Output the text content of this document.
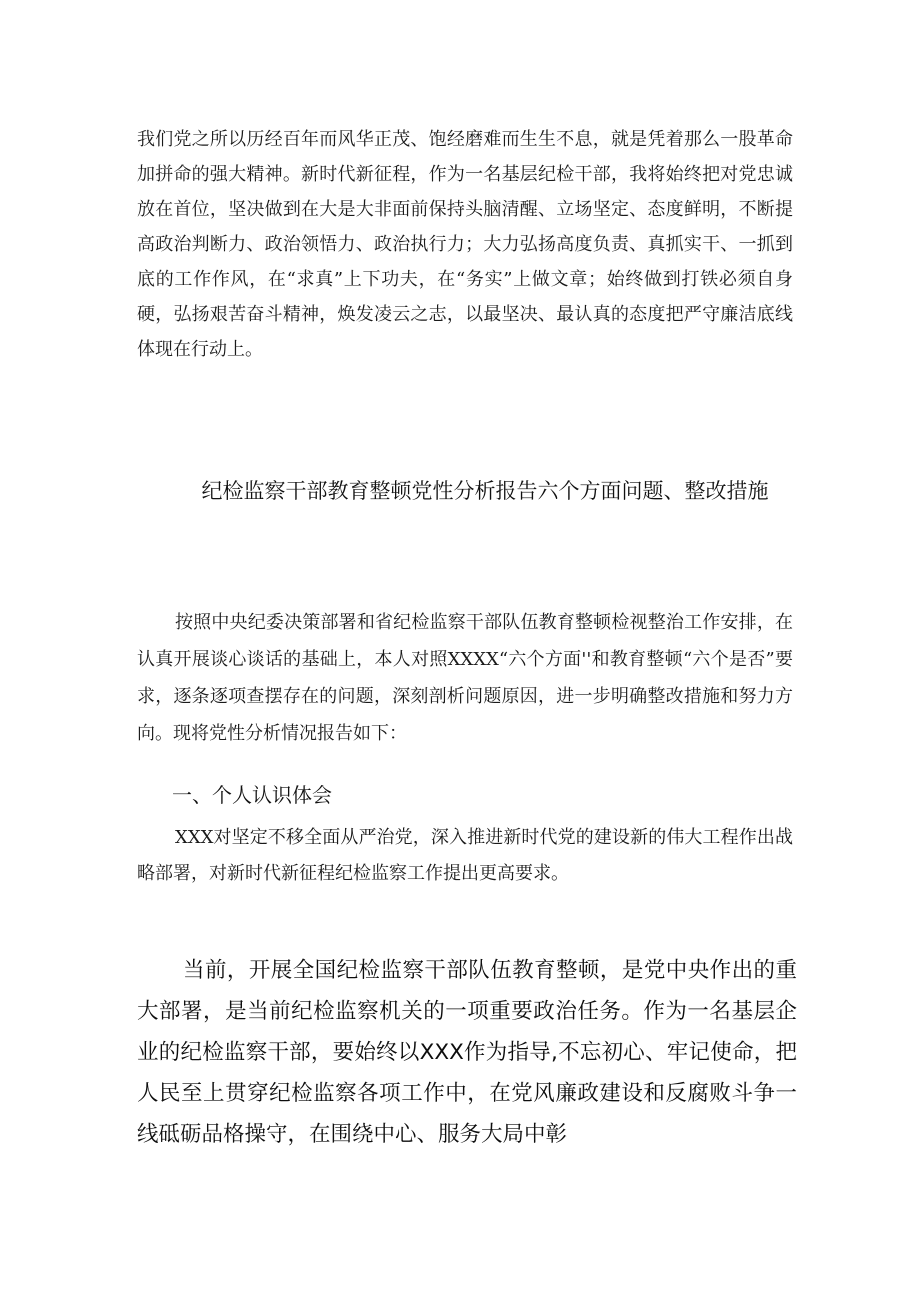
我们党之所以历经百年而风华正茂、饱经磨难而生生不息，就是凭着那么一股革命加拼命的强大精神。新时代新征程，作为一名基层纪检干部，我将始终把对党忠诚放在首位，坚决做到在大是大非面前保持头脑清醒、立场坚定、态度鲜明，不断提高政治判断力、政治领悟力、政治执行力；大力弘扬高度负责、真抓实干、一抓到底的工作作风，在“求真”上下功夫，在“务实”上做文章；始终做到打铁必须自身硬，弘扬艰苦奋斗精神，焕发凌云之志，以最坚决、最认真的态度把严守廉洁底线体现在行动上。

纪检监察干部教育整顿党性分析报告六个方面问题、整改措施

按照中央纪委决策部署和省纪检监察干部队伍教育整顿检视整治工作安排，在认真开展谈心谈话的基础上，本人对照XXXX“六个方面''和教育整顿“六个是否”要求，逐条逐项查摆存在的问题，深刻剖析问题原因，进一步明确整改措施和努力方向。现将党性分析情况报告如下：

一、个人认识体会

XXX对坚定不移全面从严治党，深入推进新时代党的建设新的伟大工程作出战略部署，对新时代新征程纪检监察工作提出更高要求。

当前，开展全国纪检监察干部队伍教育整顿，是党中央作出的重大部署，是当前纪检监察机关的一项重要政治任务。作为一名基层企业的纪检监察干部，要始终以XXX作为指导,不忘初心、牢记使命，把人民至上贯穿纪检监察各项工作中，在党风廉政建设和反腐败斗争一线砥砺品格操守，在围绕中心、服务大局中彰
